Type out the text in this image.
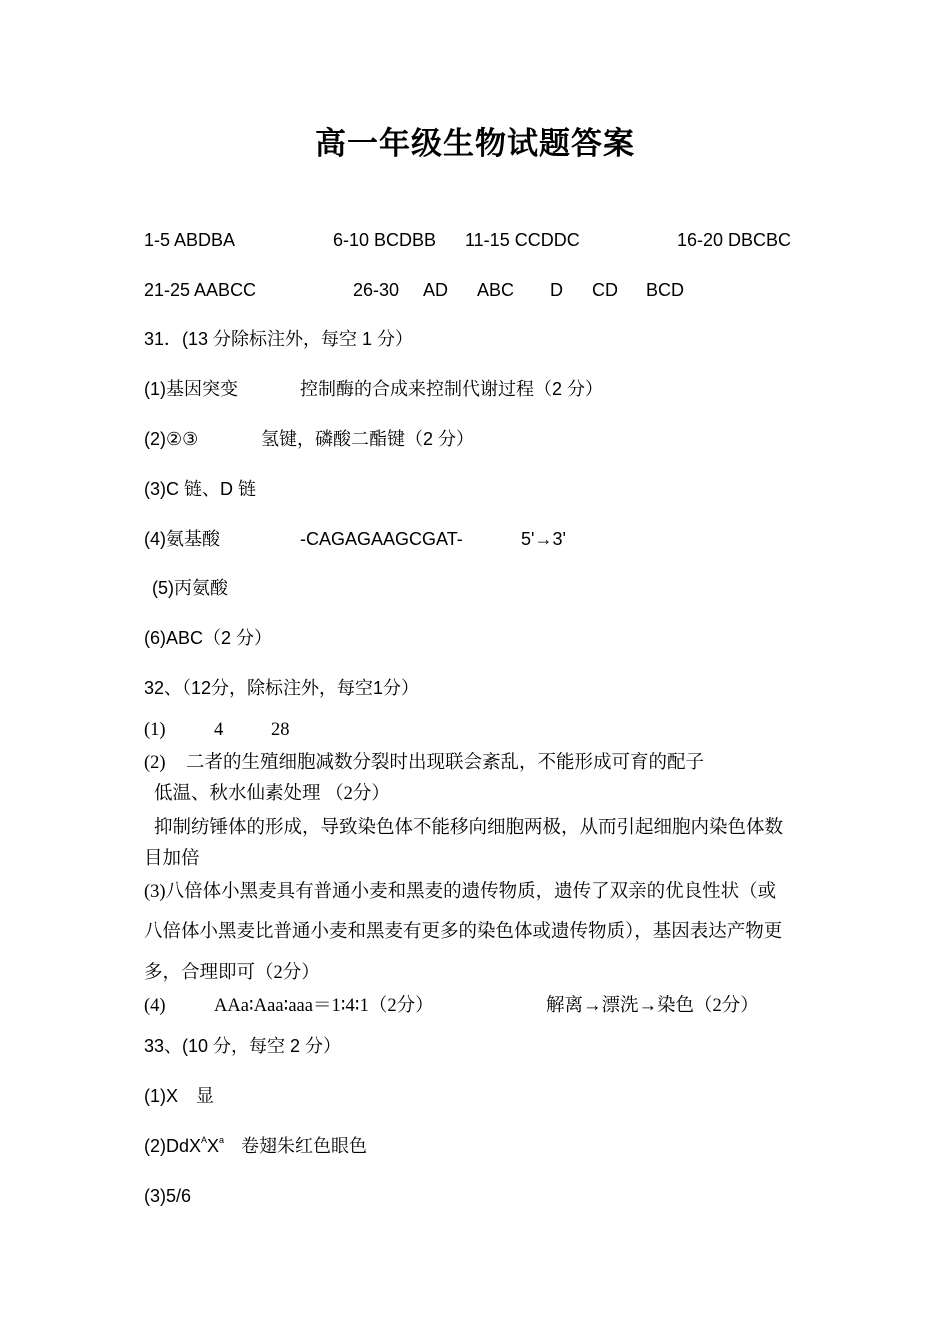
高一年级生物试题答案
1-5 ABDBA	6-10 BCDBB 11-15 CCDDC	16-20 DBCBC
21-25 AABCC	26-30 AD ABC D CD BCD
31．(13 分除标注外，每空 1 分）
(1)基因突变	控制酶的合成来控制代谢过程（2 分）
(2)②③	氢键，磷酸二酯键（2 分）
(3)C 链、D 链
(4)氨基酸	-CAGAGAAGCGAT-	5'→3'
(5)丙氨酸
(6)ABC（2 分）
32、（12分，除标注外，每空1分）
(1)	4	28
(2) 二者的生殖细胞减数分裂时出现联会紊乱，不能形成可育的配子
低温、秋水仙素处理 （2分）
抑制纺锤体的形成，导致染色体不能移向细胞两极，从而引起细胞内染色体数
目加倍
(3)八倍体小黑麦具有普通小麦和黑麦的遗传物质，遗传了双亲的优良性状（或
八倍体小黑麦比普通小麦和黑麦有更多的染色体或遗传物质），基因表达产物更
多，合理即可（2分）
(4)	AAa∶Aaa∶aaa＝1∶4∶1（2分）	解离→漂洗→染色（2分）
33、(10 分，每空 2 分）
(1)X 显
$(2)DdX^AX^a$ 卷翅朱红色眼色
(3)5/6
